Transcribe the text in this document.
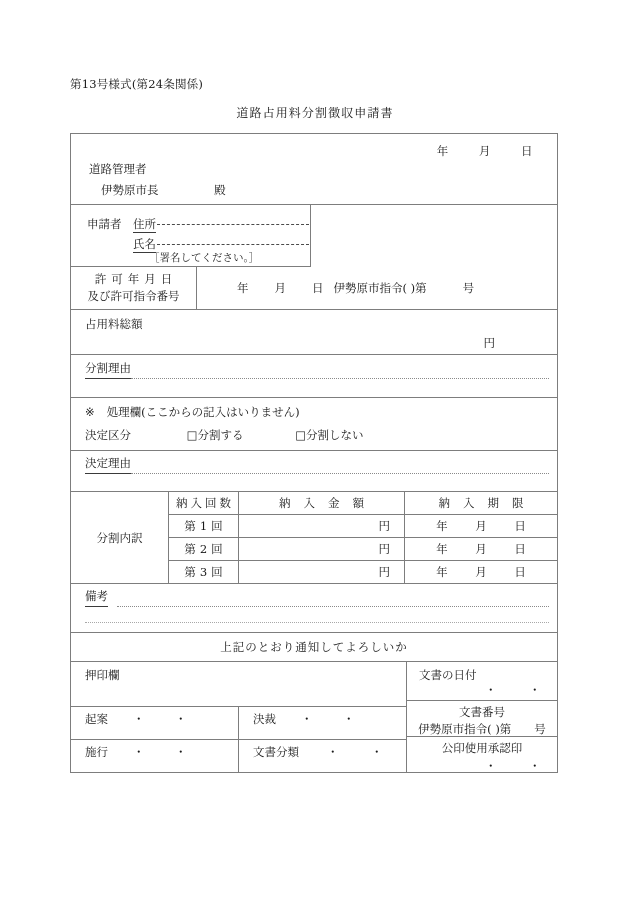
第13号様式(第24条関係)
道路占用料分割徴収申請書
年	月	日
道路管理者
伊勢原市長	殿
申請者 住所
氏名
［署名してください。］
許可年月日
及び許可指令番号
年 月 日 伊勢原市指令( )第	号
占用料総額
円
分割理由
※ 処理欄(ここからの記入はいりません)
決定区分	□分割する	□分割しない
決定理由
分割内訳
納入回数	納入金額	納入期限
第1回	円	年 月 日
第2回	円	年 月 日
第3回	円	年 月 日
備考
上記のとおり通知してよろしいか
押印欄
起案 ・	・	決裁 ・	・
施行 ・	・	文書分類 ・	・
文書の日付
・	・
文書番号
伊勢原市指令( )第　　号
公印使用承認印
・	・
